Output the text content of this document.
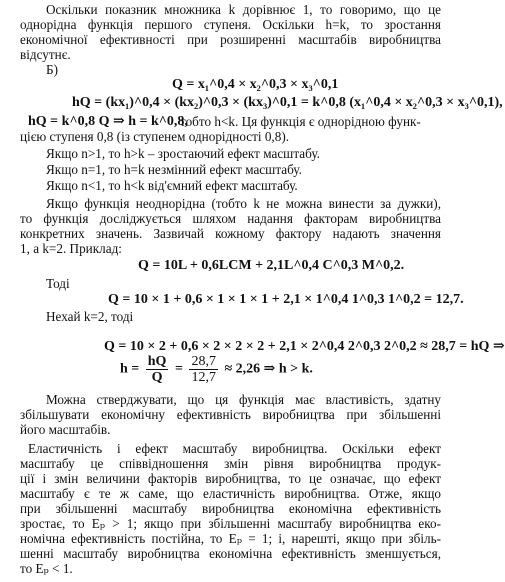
Оскільки показник множника k дорівнює 1, то говоримо, що це
однорідна функція першого ступеня. Оскільки h=k, то зростання
економічної ефективності при розширенні масштабів виробництва
відсутнє.
Б)
Q = x₁^0,4 × x₂^0,3 × x₃^0,1
hQ = (kx₁)^0,4 × (kx₂)^0,3 × (kx₃)^0,1 = k^0,8 (x₁^0,4 × x₂^0,3 × x₃^0,1),
hQ = k^0,8 Q ⇒ h = k^0,8,
тобто h<k. Ця функція є однорідною функ-
цією ступеня 0,8 (із ступенем однорідності 0,8).
Якщо n>1, то h>k – зростаючий ефект масштабу.
Якщо n=1, то h=k незмінний ефект масштабу.
Якщо n<1, то h<k від'ємний ефект масштабу.
Якщо функція неоднорідна (тобто k не можна винести за дужки),
то функція досліджується шляхом надання факторам виробництва
конкретних значень. Зазвичай кожному фактору надають значення
1, а k=2. Приклад:
Q = 10L + 0,6LCM + 2,1L^0,4 C^0,3 M^0,2.
Тоді
Q = 10 × 1 + 0,6 × 1 × 1 × 1 + 2,1 × 1^0,4 1^0,3 1^0,2 = 12,7.
Нехай k=2, тоді
Q = 10 × 2 + 0,6 × 2 × 2 × 2 + 2,1 × 2^0,4 2^0,3 2^0,2 ≈ 28,7 = hQ ⇒
$h = \frac{hQ}{Q} = \frac{28,7}{12,7} \approx 2,26$ ⇒ h > k.
Можна стверджувати, що ця функція має властивість, здатну
збільшувати економічну ефективність виробництва при збільшенні
його масштабів.
Еластичність і ефект масштабу виробництва. Оскільки ефект
масштабу це співвідношення змін рівня виробництва продук-
ції і змін величини факторів виробництва, то це означає, що ефект
масштабу є те ж саме, що еластичність виробництва. Отже, якщо
при збільшенні масштабу виробництва економічна ефективність
зростає, то Eₚ > 1; якщо при збільшенні масштабу виробництва еко-
номічна ефективність постійна, то Eₚ = 1; і, нарешті, якщо при збіль-
шенні масштабу виробництва економічна ефективність зменшується,
то Eₚ < 1.
